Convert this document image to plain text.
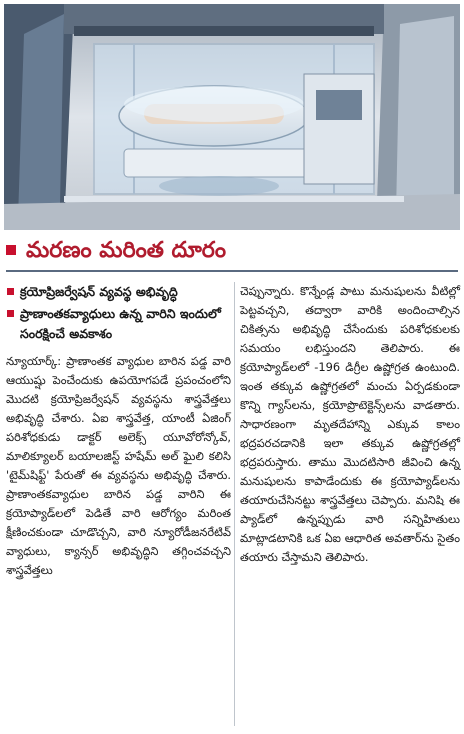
మరణం మరింత దూరం
క్రయోప్రిజర్వేషన్ వ్యవస్థ అభివృద్ధి
ప్రాణాంతకవ్యాధులు ఉన్న వారిని ఇందులో సంరక్షించే అవకాశం
న్యూయార్క్: ప్రాణాంతక వ్యాధుల బారిన పడ్డ వారి ఆయుష్షు పెంచేందుకు ఉపయోగపడే ప్రపంచంలోని మొదటి క్రయోప్రిజర్వేషన్ వ్యవస్థను శాస్త్రవేత్తలు అభివృద్ధి చేశారు. ఏఐ శాస్త్రవేత్త, యాంటీ ఏజింగ్ పరిశోధకుడు డాక్టర్ అలెక్స్ యూవోరోన్కోవ్, మాలిక్యూలర్ బయాలజిస్ట్ హషేమ్ అల్ ఘైలి కలిసి 'టైమ్‌షిఫ్ట్' పేరుతో ఈ వ్యవస్థను అభివృద్ధి చేశారు. ప్రాణాంతకవ్యాధుల బారిన పడ్డ వారిని ఈ క్రయోప్యాడ్‌లలో పెడితే వారి ఆరోగ్యం మరింత క్షీణించకుండా చూడొచ్చని, వారి న్యూరోడీజనరేటివ్ వ్యాధులు, క్యాన్సర్ అభివృద్ధిని తగ్గించవచ్చని శాస్త్రవేత్తలు
చెప్పున్నారు. కొన్నేండ్ల పాటు మనుషులను వీటిల్లో పెట్టవచ్చని, తద్వారా వారికి అందించాల్సిన చికిత్సను అభివృద్ధి చేసేందుకు పరిశోధకులకు సమయం లభిస్తుందని తెలిపారు. ఈ క్రయోప్యాడ్‌లలో -196 డిగ్రీల ఉష్ణోగ్రత ఉంటుంది. ఇంత తక్కువ ఉష్ణోగ్రతలో మంచు ఏర్పడకుండా కొన్ని గ్యాస్‌లను, క్రయోప్రొటెక్టెన్స్‌లను వాడతారు. సాధారణంగా మృతదేహాన్ని ఎక్కువ కాలం భద్రపరచడానికి ఇలా తక్కువ ఉష్ణోగ్రతల్లో భద్రపరుస్తారు. తాము మొదటిసారి జీవించి ఉన్న మనుషులను కాపాడేందుకు ఈ క్రయోప్యాడ్‌లను తయారుచేసినట్టు శాస్త్రవేత్తలు చెప్పారు. మనిషి ఈ ప్యాడ్‌లో ఉన్నప్పుడు వారి సన్నిహితులు మాట్లాడటానికి ఒక ఏఐ ఆధారిత అవతార్‌ను సైతం తయారు చేస్తామని తెలిపారు.
